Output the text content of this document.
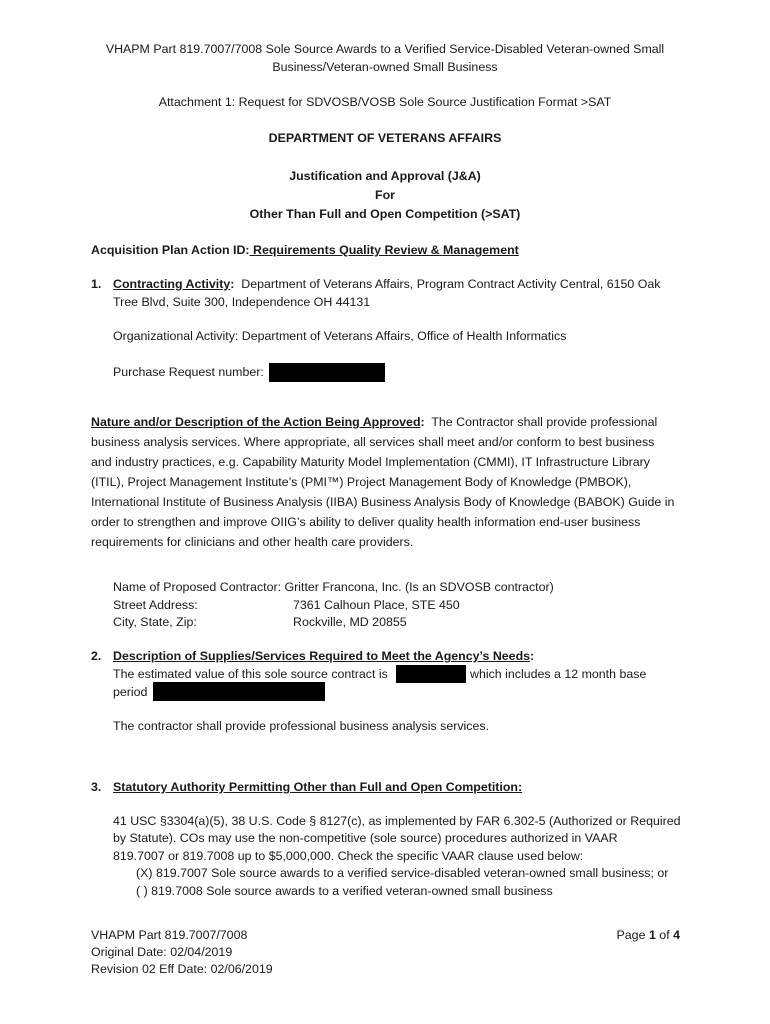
VHAPM Part 819.7007/7008 Sole Source Awards to a Verified Service-Disabled Veteran-owned Small
Business/Veteran-owned Small Business
Attachment 1: Request for SDVOSB/VOSB Sole Source Justification Format >SAT
DEPARTMENT OF VETERANS AFFAIRS
Justification and Approval (J&A)
For
Other Than Full and Open Competition (>SAT)
Acquisition Plan Action ID: Requirements Quality Review & Management
1. Contracting Activity: Department of Veterans Affairs, Program Contract Activity Central, 6150 Oak
Tree Blvd, Suite 300, Independence OH 44131
Organizational Activity: Department of Veterans Affairs, Office of Health Informatics
Purchase Request number:
Nature and/or Description of the Action Being Approved: The Contractor shall provide professional
business analysis services. Where appropriate, all services shall meet and/or conform to best business
and industry practices, e.g. Capability Maturity Model Implementation (CMMI), IT Infrastructure Library
(ITIL), Project Management Institute’s (PMI™) Project Management Body of Knowledge (PMBOK),
International Institute of Business Analysis (IIBA) Business Analysis Body of Knowledge (BABOK) Guide in
order to strengthen and improve OIIG’s ability to deliver quality health information end-user business
requirements for clinicians and other health care providers.
Name of Proposed Contractor: Gritter Francona, Inc. (Is an SDVOSB contractor)
Street Address:	7361 Calhoun Place, STE 450
City, State, Zip:	Rockville, MD 20855
2. Description of Supplies/Services Required to Meet the Agency’s Needs:
The estimated value of this sole source contract is	which includes a 12 month base
period
The contractor shall provide professional business analysis services.
3. Statutory Authority Permitting Other than Full and Open Competition:
41 USC §3304(a)(5), 38 U.S. Code § 8127(c), as implemented by FAR 6.302-5 (Authorized or Required
by Statute). COs may use the non-competitive (sole source) procedures authorized in VAAR
819.7007 or 819.7008 up to $5,000,000. Check the specific VAAR clause used below:
(X) 819.7007 Sole source awards to a verified service-disabled veteran-owned small business; or
( ) 819.7008 Sole source awards to a verified veteran-owned small business
VHAPM Part 819.7007/7008
Original Date: 02/04/2019
Revision 02 Eff Date: 02/06/2019
Page 1 of 4
